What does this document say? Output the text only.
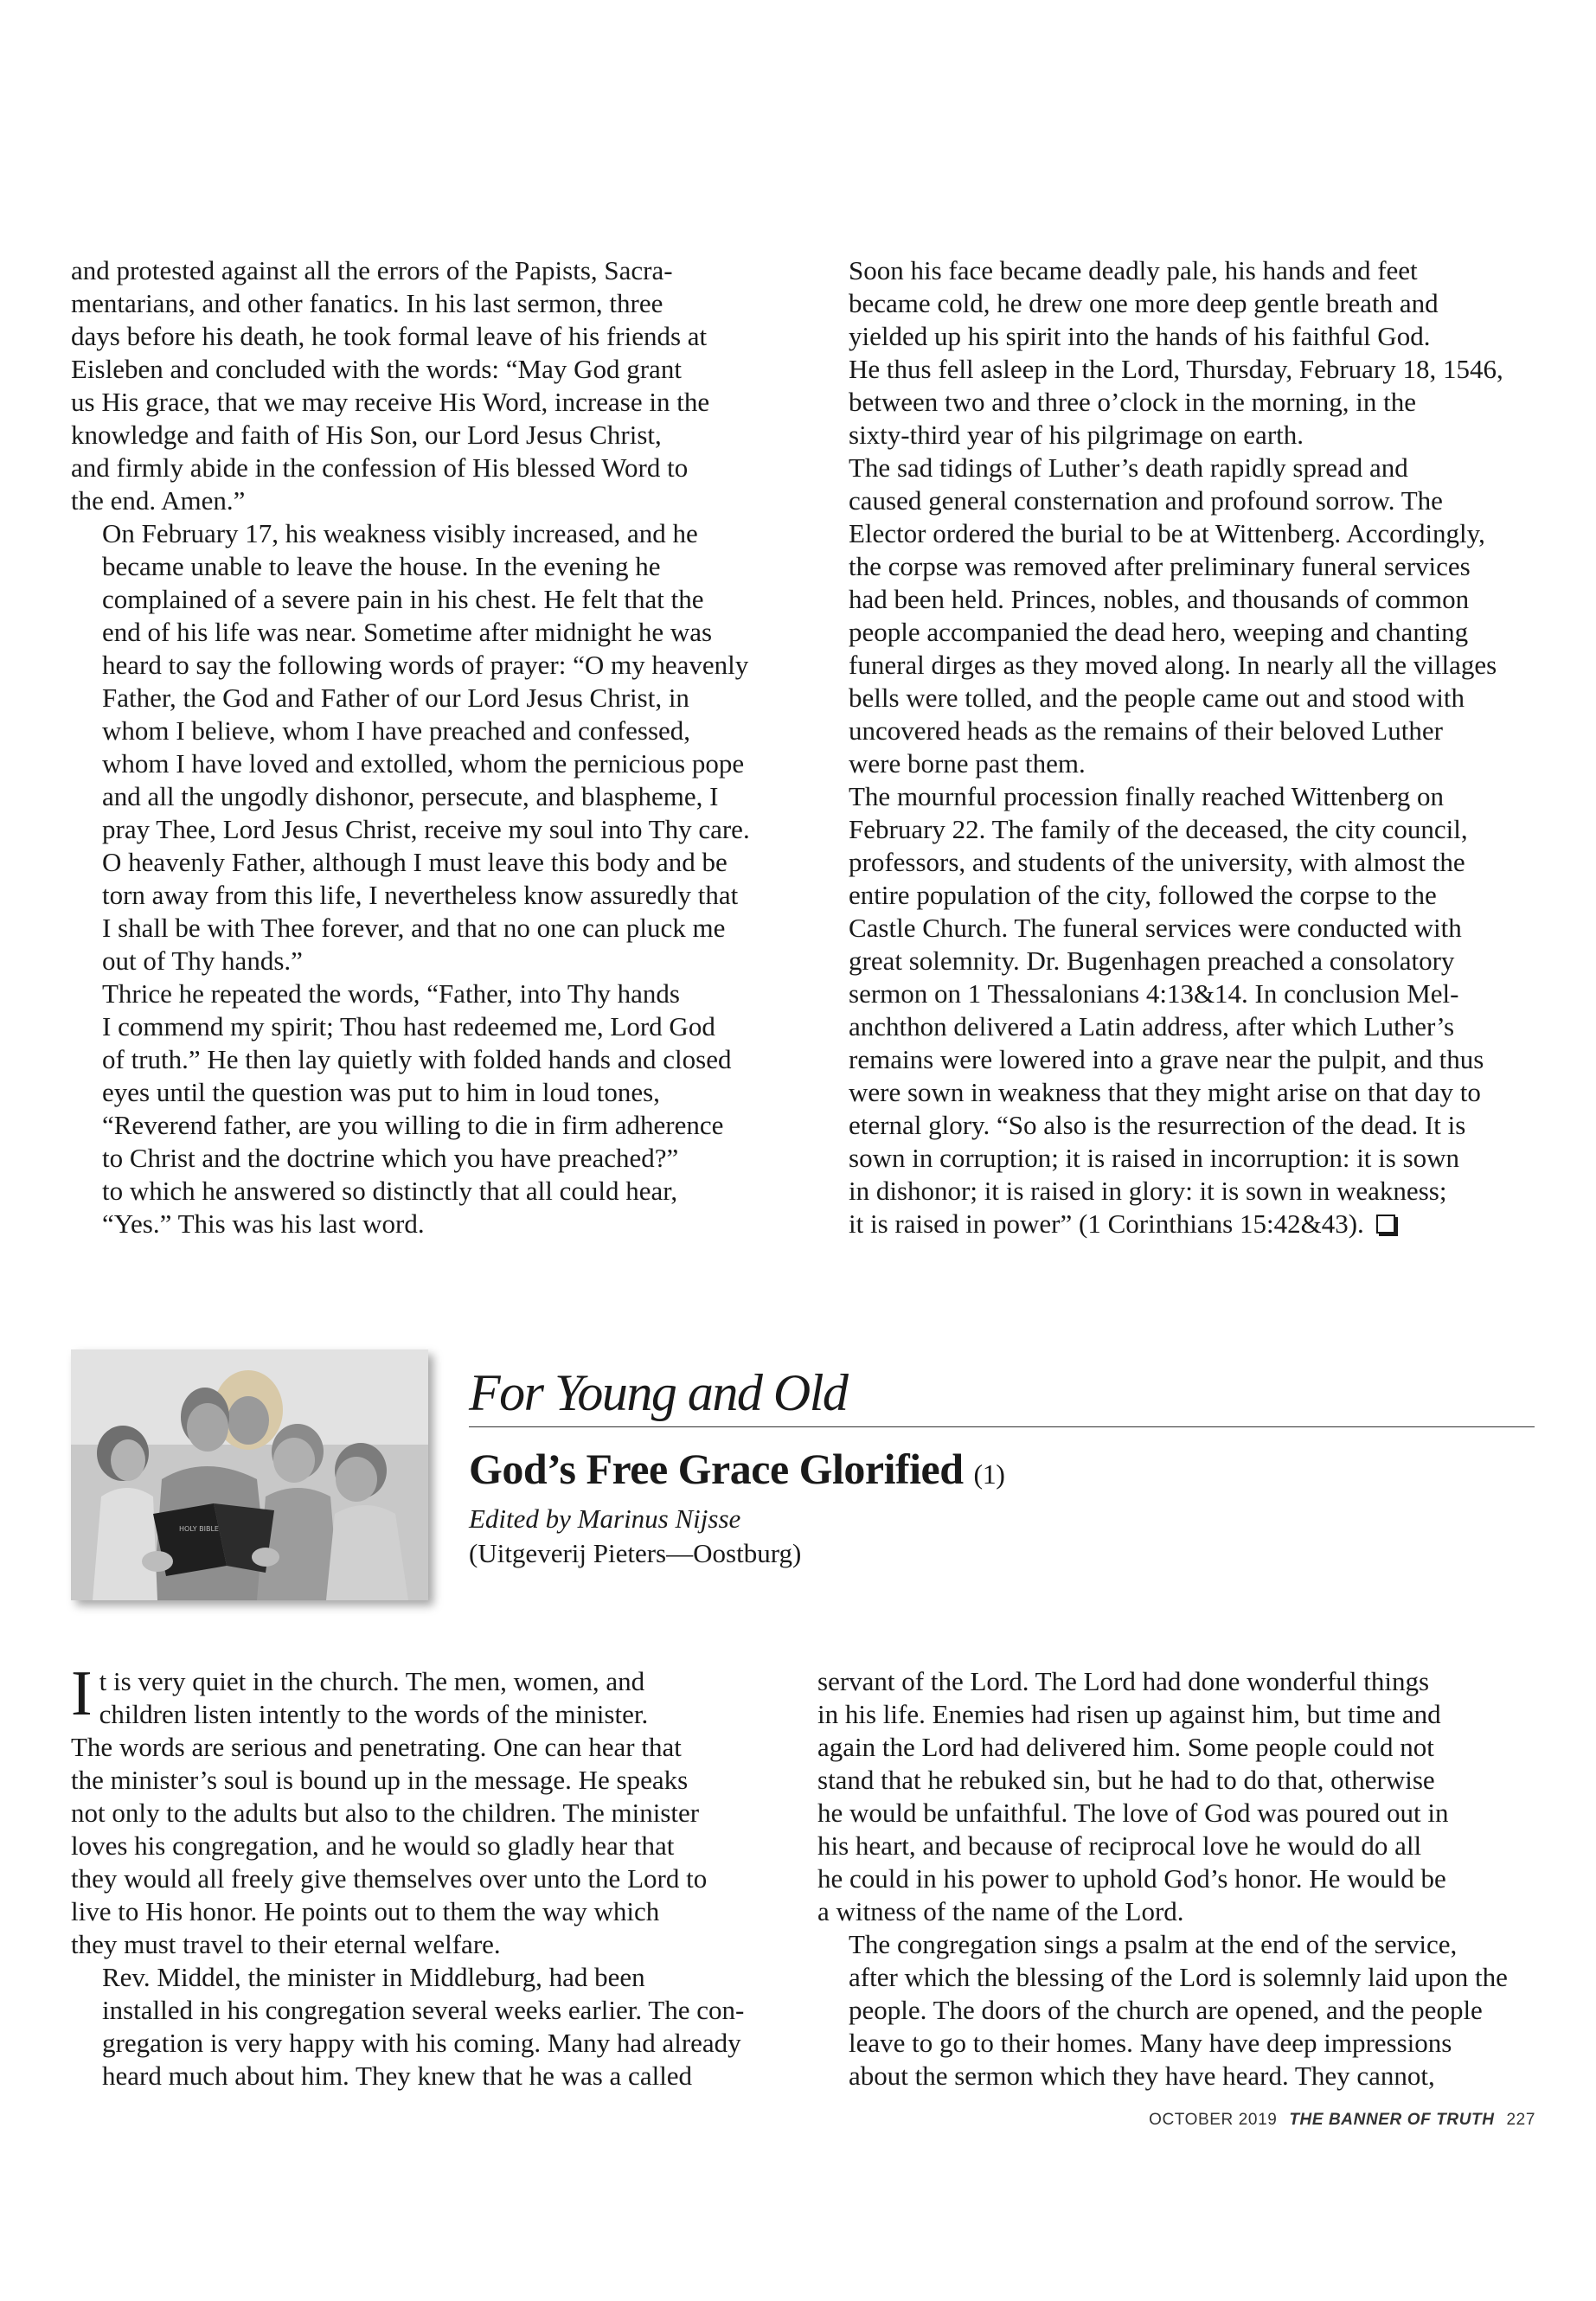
and protested against all the errors of the Papists, Sacra-
mentarians, and other fanatics. In his last sermon, three
days before his death, he took formal leave of his friends at
Eisleben and concluded with the words: “May God grant
us His grace, that we may receive His Word, increase in the
knowledge and faith of His Son, our Lord Jesus Christ,
and firmly abide in the confession of His blessed Word to
the end. Amen.”

On February 17, his weakness visibly increased, and he
became unable to leave the house. In the evening he
complained of a severe pain in his chest. He felt that the
end of his life was near. Sometime after midnight he was
heard to say the following words of prayer: “O my heavenly
Father, the God and Father of our Lord Jesus Christ, in
whom I believe, whom I have preached and confessed,
whom I have loved and extolled, whom the pernicious pope
and all the ungodly dishonor, persecute, and blaspheme, I
pray Thee, Lord Jesus Christ, receive my soul into Thy care.
O heavenly Father, although I must leave this body and be
torn away from this life, I nevertheless know assuredly that
I shall be with Thee forever, and that no one can pluck me
out of Thy hands.”

Thrice he repeated the words, “Father, into Thy hands
I commend my spirit; Thou hast redeemed me, Lord God
of truth.” He then lay quietly with folded hands and closed
eyes until the question was put to him in loud tones,
“Reverend father, are you willing to die in firm adherence
to Christ and the doctrine which you have preached?”
to which he answered so distinctly that all could hear,
“Yes.” This was his last word.

Soon his face became deadly pale, his hands and feet
became cold, he drew one more deep gentle breath and
yielded up his spirit into the hands of his faithful God.
He thus fell asleep in the Lord, Thursday, February 18, 1546,
between two and three o’clock in the morning, in the
sixty-third year of his pilgrimage on earth.

The sad tidings of Luther’s death rapidly spread and
caused general consternation and profound sorrow. The
Elector ordered the burial to be at Wittenberg. Accordingly,
the corpse was removed after preliminary funeral services
had been held. Princes, nobles, and thousands of common
people accompanied the dead hero, weeping and chanting
funeral dirges as they moved along. In nearly all the villages
bells were tolled, and the people came out and stood with
uncovered heads as the remains of their beloved Luther
were borne past them.

The mournful procession finally reached Wittenberg on
February 22. The family of the deceased, the city council,
professors, and students of the university, with almost the
entire population of the city, followed the corpse to the
Castle Church. The funeral services were conducted with
great solemnity. Dr. Bugenhagen preached a consolatory
sermon on 1 Thessalonians 4:13&14. In conclusion Mel-
anchthon delivered a Latin address, after which Luther’s
remains were lowered into a grave near the pulpit, and thus
were sown in weakness that they might arise on that day to
eternal glory. “So also is the resurrection of the dead. It is
sown in corruption; it is raised in incorruption: it is sown
in dishonor; it is raised in glory: it is sown in weakness;
it is raised in power” (1 Corinthians 15:42&43).

HOLY BIBLE
For Young and Old
God’s Free Grace Glorified (1)
Edited by Marinus Nijsse
(Uitgeverij Pieters—Oostburg)
I t is very quiet in the church. The men, women, and
children listen intently to the words of the minister.

The words are serious and penetrating. One can hear that
the minister’s soul is bound up in the message. He speaks
not only to the adults but also to the children. The minister
loves his congregation, and he would so gladly hear that
they would all freely give themselves over unto the Lord to
live to His honor. He points out to them the way which
they must travel to their eternal welfare.

Rev. Middel, the minister in Middleburg, had been
installed in his congregation several weeks earlier. The con-
gregation is very happy with his coming. Many had already
heard much about him. They knew that he was a called

servant of the Lord. The Lord had done wonderful things
in his life. Enemies had risen up against him, but time and
again the Lord had delivered him. Some people could not
stand that he rebuked sin, but he had to do that, otherwise
he would be unfaithful. The love of God was poured out in
his heart, and because of reciprocal love he would do all
he could in his power to uphold God’s honor. He would be
a witness of the name of the Lord.

The congregation sings a psalm at the end of the service,
after which the blessing of the Lord is solemnly laid upon the
people. The doors of the church are opened, and the people
leave to go to their homes. Many have deep impressions
about the sermon which they have heard. They cannot,

OCTOBER 2019 THE BANNER OF TRUTH 227
